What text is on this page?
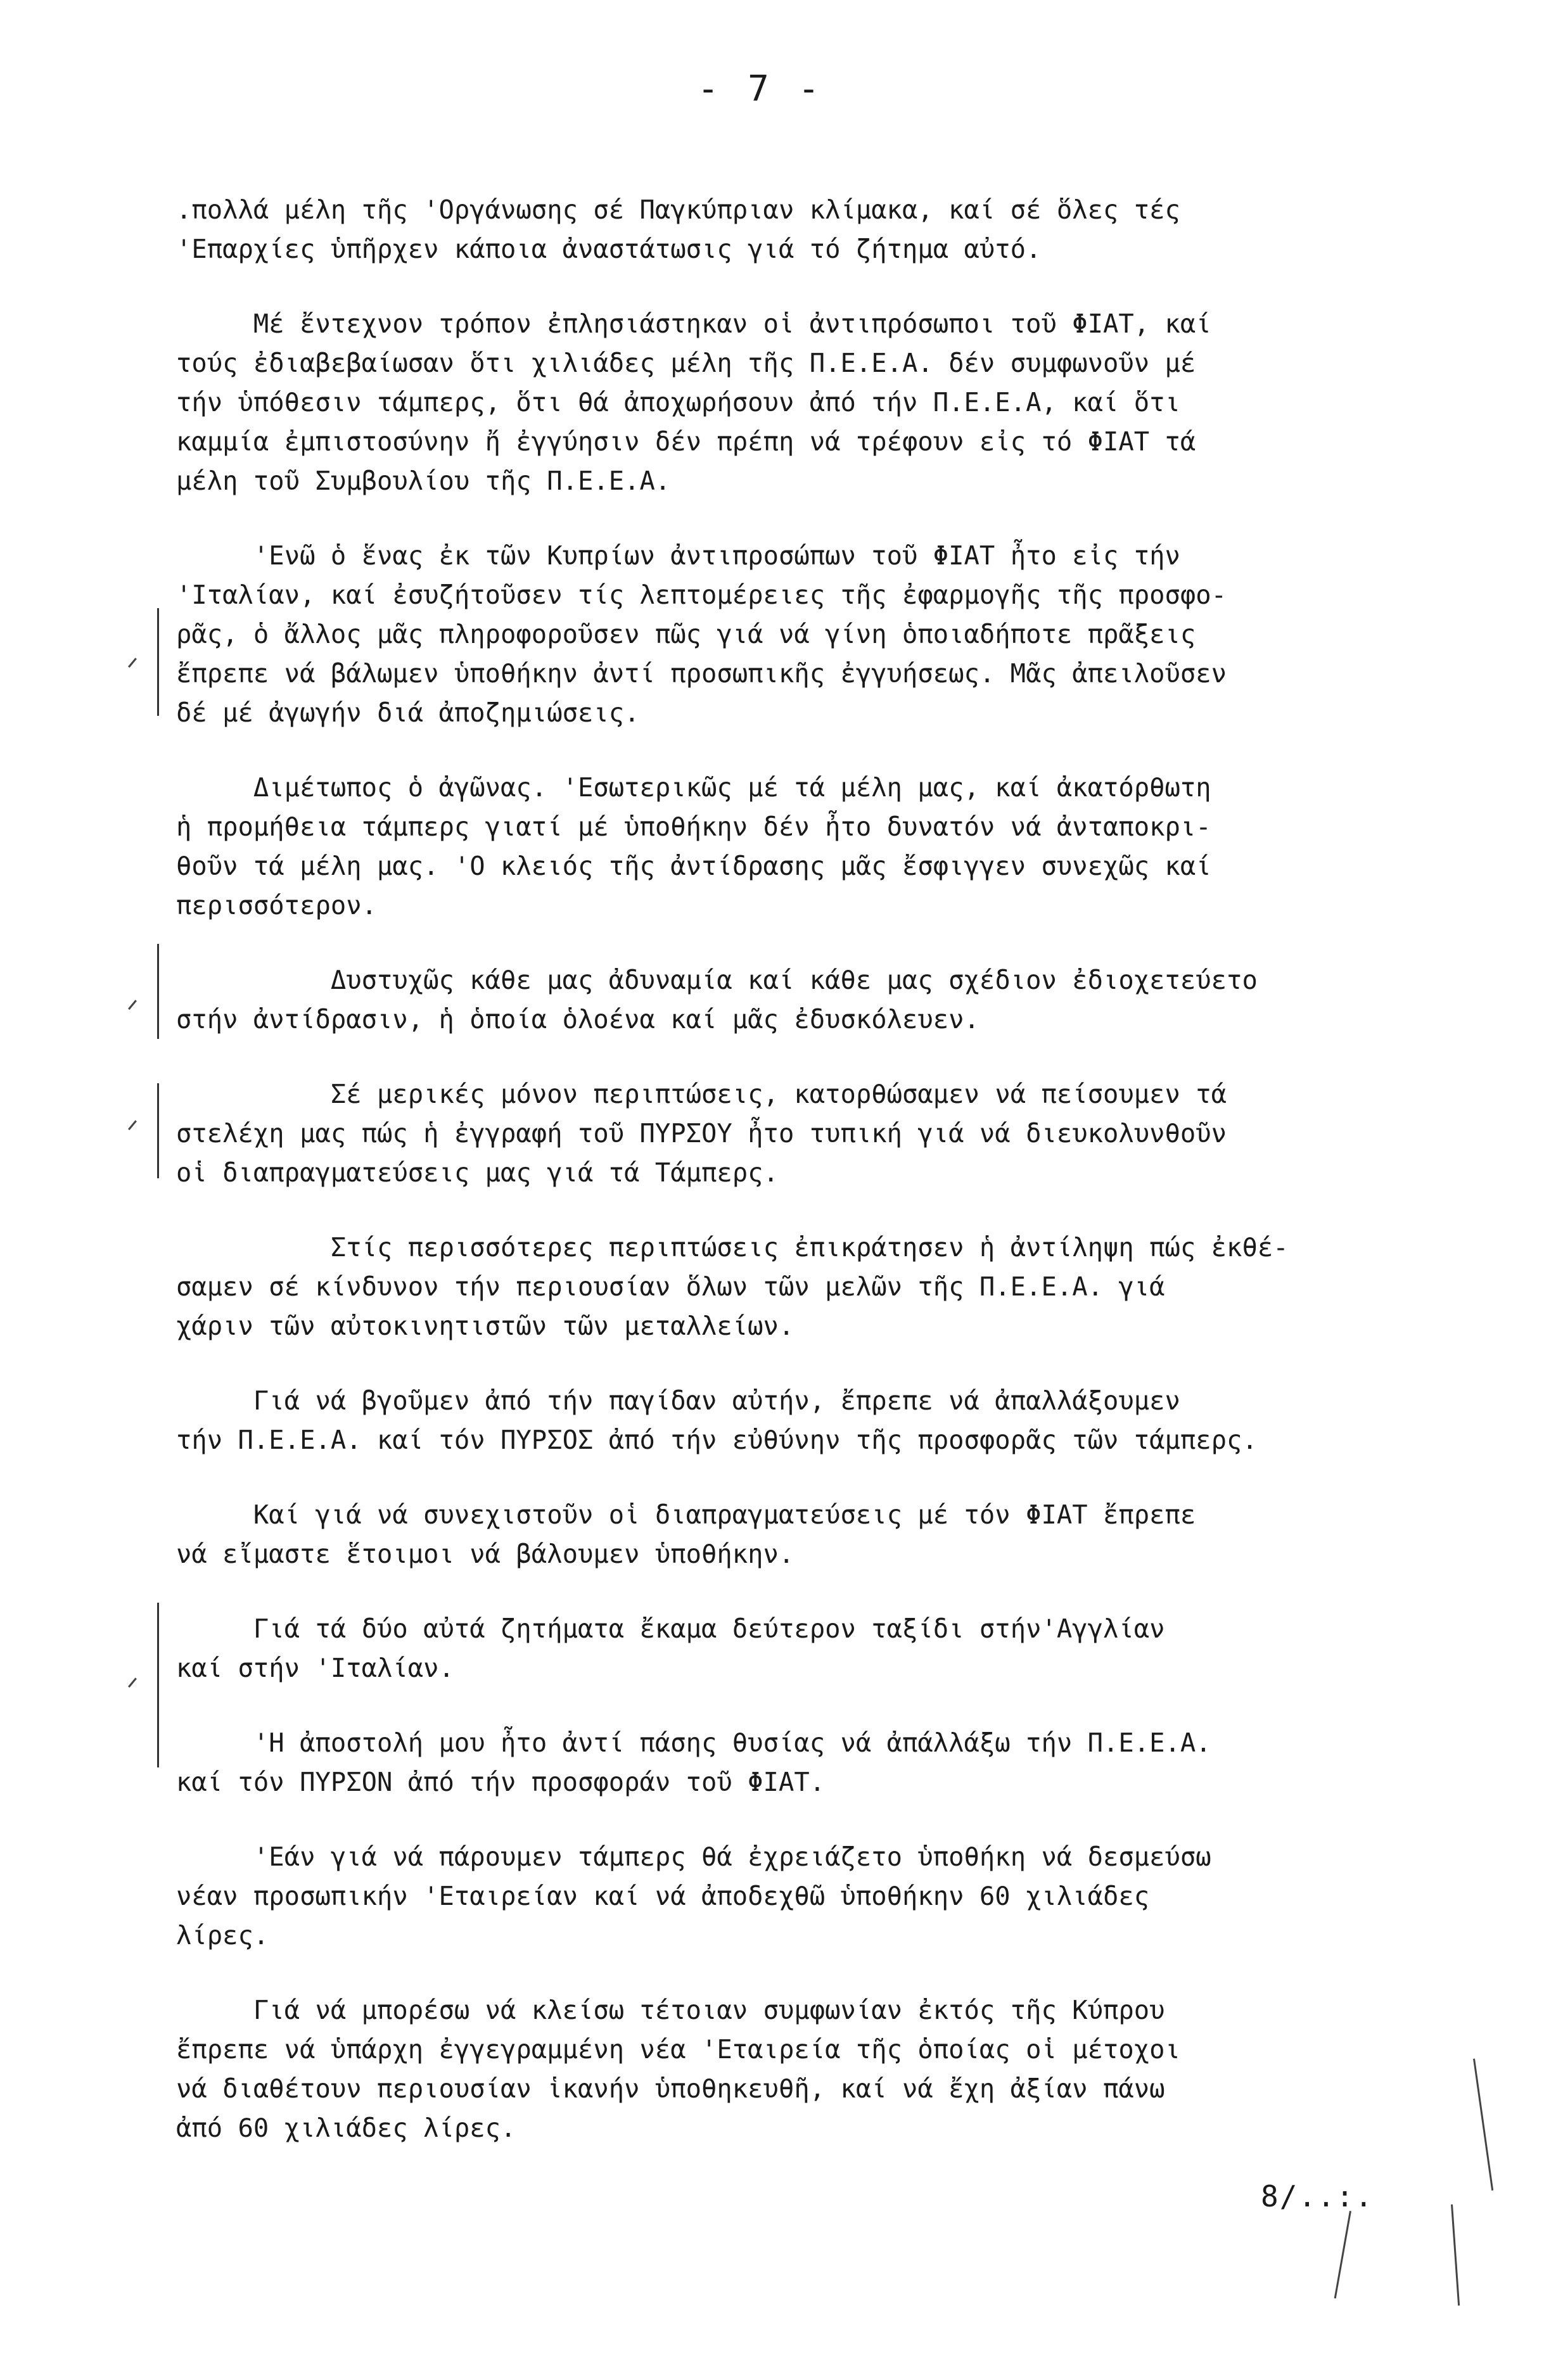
- 7 -

.πολλά μέλη τῆς 'Οργάνωσης σέ Παγκύπριαν κλίμακα, καί σέ ὅλες τές
'Επαρχίες ὑπῆρχεν κάποια ἀναστάτωσις γιά τό ζήτημα αὐτό.

Μέ ἔντεχνον τρόπον ἐπλησιάστηκαν οἱ ἀντιπρόσωποι τοῦ ΦΙΑΤ, καί
τούς ἐδιαβεβαίωσαν ὅτι χιλιάδες μέλη τῆς Π.Ε.Ε.Α. δέν συμφωνοῦν μέ
τήν ὑπόθεσιν τάμπερς, ὅτι θά ἀποχωρήσουν ἀπό τήν Π.Ε.Ε.Α, καί ὅτι
καμμία ἐμπιστοσύνην ἤ ἐγγύησιν δέν πρέπη νά τρέφουν εἰς τό ΦΙΑΤ τά
μέλη τοῦ Συμβουλίου τῆς Π.Ε.Ε.Α.

'Ενῶ ὁ ἕνας ἐκ τῶν Κυπρίων ἀντιπροσώπων τοῦ ΦΙΑΤ ἦτο εἰς τήν
'Ιταλίαν, καί ἐσυζήτοῦσεν τίς λεπτομέρειες τῆς ἐφαρμογῆς τῆς προσφο-
ρᾶς, ὁ ἄλλος μᾶς πληροφοροῦσεν πῶς γιά νά γίνη ὁποιαδήποτε πρᾶξεις
ἔπρεπε νά βάλωμεν ὑποθήκην ἀντί προσωπικῆς ἐγγυήσεως. Μᾶς ἀπειλοῦσεν
δέ μέ ἀγωγήν διά ἀποζημιώσεις.

Διμέτωπος ὁ ἀγῶνας. 'Εσωτερικῶς μέ τά μέλη μας, καί ἀκατόρθωτη
ἡ προμήθεια τάμπερς γιατί μέ ὑποθήκην δέν ἦτο δυνατόν νά ἀνταποκρι-
θοῦν τά μέλη μας. 'Ο κλειός τῆς ἀντίδρασης μᾶς ἔσφιγγεν συνεχῶς καί
περισσότερον.

Δυστυχῶς κάθε μας ἀδυναμία καί κάθε μας σχέδιον ἐδιοχετεύετο
στήν ἀντίδρασιν, ἡ ὁποία ὁλοένα καί μᾶς ἐδυσκόλευεν.

Σέ μερικές μόνον περιπτώσεις, κατορθώσαμεν νά πείσουμεν τά
στελέχη μας πώς ἡ ἐγγραφή τοῦ ΠΥΡΣΟΥ ἦτο τυπική γιά νά διευκολυνθοῦν
οἱ διαπραγματεύσεις μας γιά τά Τάμπερς.

Στίς περισσότερες περιπτώσεις ἐπικράτησεν ἡ ἀντίληψη πώς ἐκθέ-
σαμεν σέ κίνδυνον τήν περιουσίαν ὅλων τῶν μελῶν τῆς Π.Ε.Ε.Α. γιά
χάριν τῶν αὐτοκινητιστῶν τῶν μεταλλείων.

Γιά νά βγοῦμεν ἀπό τήν παγίδαν αὐτήν, ἔπρεπε νά ἀπαλλάξουμεν
τήν Π.Ε.Ε.Α. καί τόν ΠΥΡΣΟΣ ἀπό τήν εὐθύνην τῆς προσφορᾶς τῶν τάμπερς.

Καί γιά νά συνεχιστοῦν οἱ διαπραγματεύσεις μέ τόν ΦΙΑΤ ἔπρεπε
νά εἴμαστε ἕτοιμοι νά βάλουμεν ὑποθήκην.

Γιά τά δύο αὐτά ζητήματα ἔκαμα δεύτερον ταξίδι στήν'Αγγλίαν
καί στήν 'Ιταλίαν.

'Η ἀποστολή μου ἦτο ἀντί πάσης θυσίας νά ἀπάλλάξω τήν Π.Ε.Ε.Α.
καί τόν ΠΥΡΣΟΝ ἀπό τήν προσφοράν τοῦ ΦΙΑΤ.

'Εάν γιά νά πάρουμεν τάμπερς θά ἐχρειάζετο ὑποθήκη νά δεσμεύσω
νέαν προσωπικήν 'Εταιρείαν καί νά ἀποδεχθῶ ὑποθήκην 60 χιλιάδες
λίρες.

Γιά νά μπορέσω νά κλείσω τέτοιαν συμφωνίαν ἐκτός τῆς Κύπρου
ἔπρεπε νά ὑπάρχη ἐγγεγραμμένη νέα 'Εταιρεία τῆς ὁποίας οἱ μέτοχοι
νά διαθέτουν περιουσίαν ἱκανήν ὑποθηκευθῆ, καί νά ἔχη ἀξίαν πάνω
ἀπό 60 χιλιάδες λίρες.

ᐟ
ᐟ
ᐟ
ᐟ
8/..:.
